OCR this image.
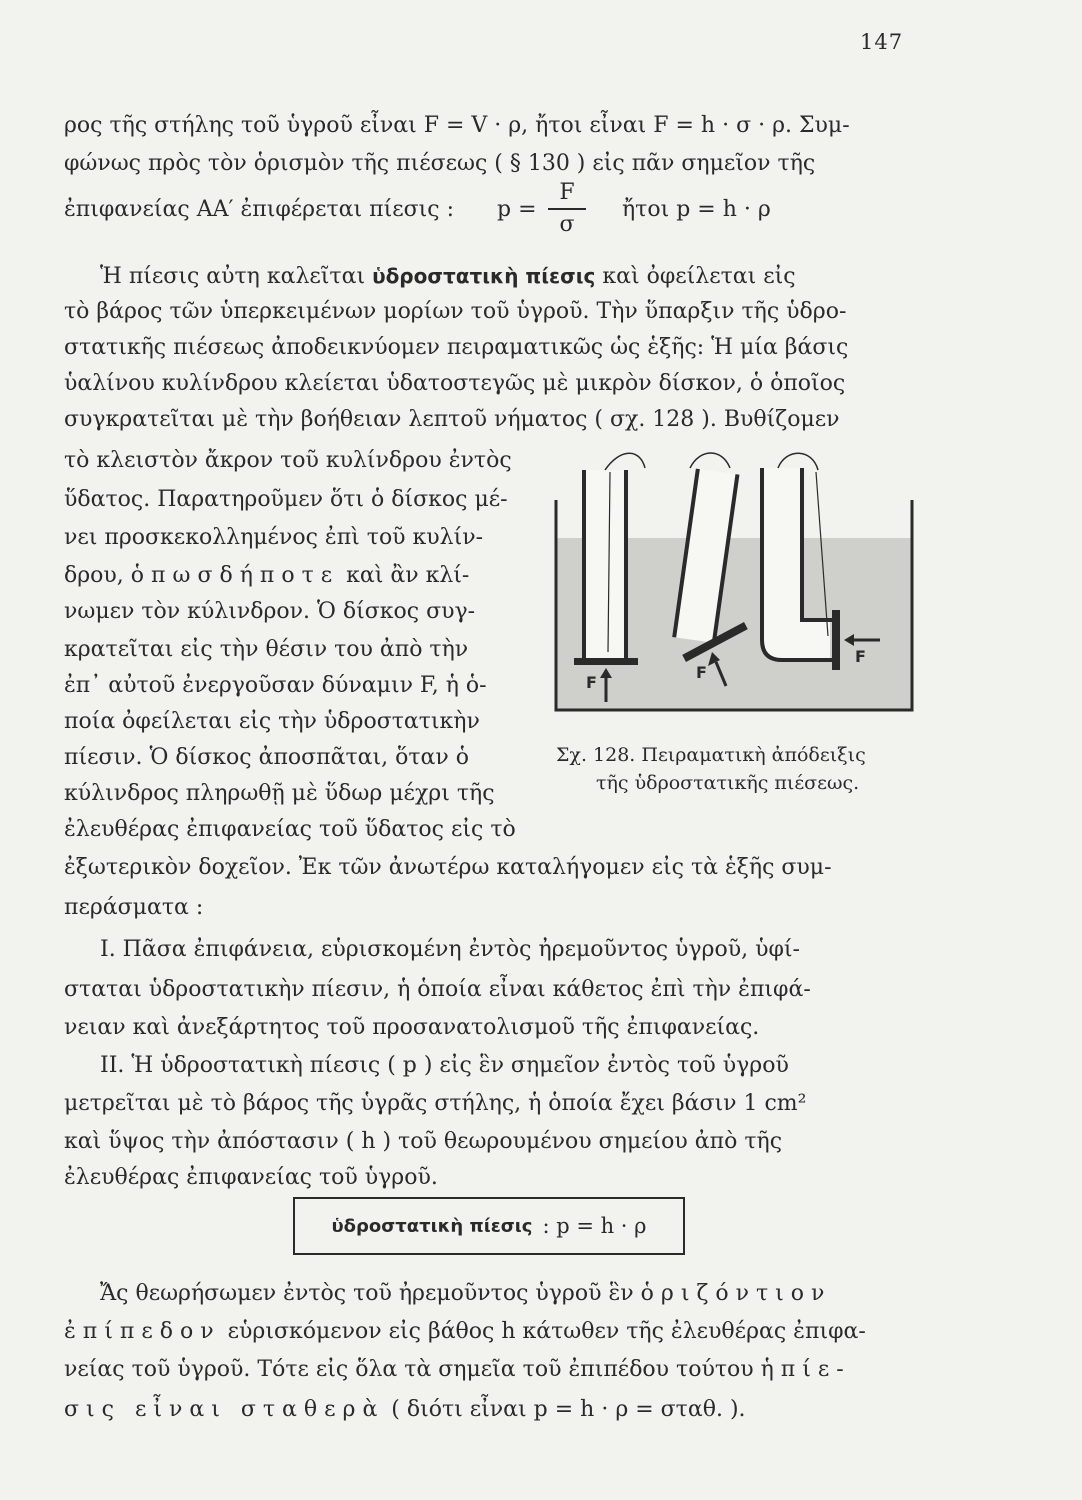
147
ρος τῆς στήλης τοῦ ὑγροῦ εἶναι F = V · ρ, ἤτοι εἶναι F = h · σ · ρ. Συμ-
φώνως πρὸς τὸν ὁρισμὸν τῆς πιέσεως ( § 130 ) εἰς πᾶν σημεῖον τῆς
ἐπιφανείας ΑΑ′ ἐπιφέρεται πίεσις : p =
F
σ
ἤτοι p = h · ρ
Ἡ πίεσις αὐτη καλεῖται ὑδροστατικὴ πίεσις καὶ ὀφείλεται εἰς
τὸ βάρος τῶν ὑπερκειμένων μορίων τοῦ ὑγροῦ. Τὴν ὕπαρξιν τῆς ὑδρο-
στατικῆς πιέσεως ἀποδεικνύομεν πειραματικῶς ὡς ἑξῆς: Ἡ μία βάσις
ὑαλίνου κυλίνδρου κλείεται ὑδατοστεγῶς μὲ μικρὸν δίσκον, ὁ ὁποῖος
συγκρατεῖται μὲ τὴν βοήθειαν λεπτοῦ νήματος ( σχ. 128 ). Βυθίζομεν
τὸ κλειστὸν ἄκρον τοῦ κυλίνδρου ἐντὸς
ὕδατος. Παρατηροῦμεν ὅτι ὁ δίσκος μέ-
νει προσκεκολλημένος ἐπὶ τοῦ κυλίν-
δρου, ὁπωσδήποτε καὶ ἂν κλί-
νωμεν τὸν κύλινδρον. Ὁ δίσκος συγ-
κρατεῖται εἰς τὴν θέσιν του ἀπὸ τὴν
ἐπ᾽ αὐτοῦ ἐνεργοῦσαν δύναμιν F, ἡ ὁ-
ποία ὀφείλεται εἰς τὴν ὑδροστατικὴν
πίεσιν. Ὁ δίσκος ἀποσπᾶται, ὅταν ὁ
κύλινδρος πληρωθῇ μὲ ὕδωρ μέχρι τῆς
ἐλευθέρας ἐπιφανείας τοῦ ὕδατος εἰς τὸ
ἐξωτερικὸν δοχεῖον. Ἐκ τῶν ἀνωτέρω καταλήγομεν εἰς τὰ ἑξῆς συμ-
περάσματα :
F
F
F
Σχ. 128. Πειραματικὴ ἀπόδειξις
τῆς ὑδροστατικῆς πιέσεως.
Ι. Πᾶσα ἐπιφάνεια, εὑρισκομένη ἐντὸς ἠρεμοῦντος ὑγροῦ, ὑφί-
σταται ὑδροστατικὴν πίεσιν, ἡ ὁποία εἶναι κάθετος ἐπὶ τὴν ἐπιφά-
νειαν καὶ ἀνεξάρτητος τοῦ προσανατολισμοῦ τῆς ἐπιφανείας.
ΙΙ. Ἡ ὑδροστατικὴ πίεσις ( p ) εἰς ἓν σημεῖον ἐντὸς τοῦ ὑγροῦ
μετρεῖται μὲ τὸ βάρος τῆς ὑγρᾶς στήλης, ἡ ὁποία ἔχει βάσιν 1 cm²
καὶ ὕψος τὴν ἀπόστασιν ( h ) τοῦ θεωρουμένου σημείου ἀπὸ τῆς
ἐλευθέρας ἐπιφανείας τοῦ ὑγροῦ.
ὑδροστατικὴ πίεσις : p = h · ρ
Ἄς θεωρήσωμεν ἐντὸς τοῦ ἠρεμοῦντος ὑγροῦ ἓν ὁριζόντιον
ἐπίπεδον εὑρισκόμενον εἰς βάθος h κάτωθεν τῆς ἐλευθέρας ἐπιφα-
νείας τοῦ ὑγροῦ. Τότε εἰς ὅλα τὰ σημεῖα τοῦ ἐπιπέδου τούτου ἡ πίε-
σις εἶναι σταθερὰ ( διότι εἶναι p = h · ρ = σταθ. ).
